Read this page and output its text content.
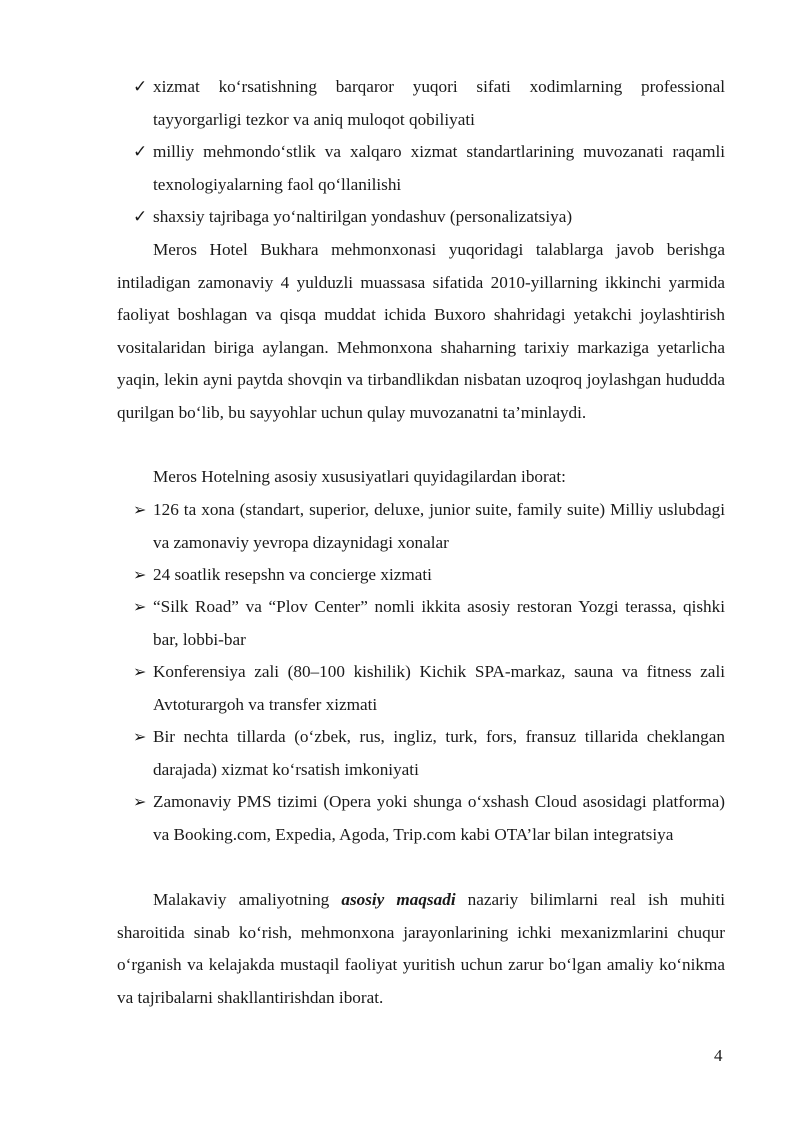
✓ xizmat ko‘rsatishning barqaror yuqori sifati xodimlarning professional tayyorgarligi tezkor va aniq muloqot qobiliyati
✓ milliy mehmondo‘stlik va xalqaro xizmat standartlarining muvozanati raqamli texnologiyalarning faol qo‘llanilishi
✓ shaxsiy tajribaga yo‘naltirilgan yondashuv (personalizatsiya)
Meros Hotel Bukhara mehmonxonasi yuqoridagi talablarga javob berishga intiladigan zamonaviy 4 yulduzli muassasa sifatida 2010-yillarning ikkinchi yarmida faoliyat boshlagan va qisqa muddat ichida Buxoro shahridagi yetakchi joylashtirish vositalaridan biriga aylangan. Mehmonxona shaharning tarixiy markaziga yetarlicha yaqin, lekin ayni paytda shovqin va tirbandlikdan nisbatan uzoqroq joylashgan hududda qurilgan bo‘lib, bu sayyohlar uchun qulay muvozanatni ta’minlaydi.
Meros Hotelning asosiy xususiyatlari quyidagilardan iborat:
➢ 126 ta xona (standart, superior, deluxe, junior suite, family suite) Milliy uslubdagi va zamonaviy yevropa dizaynidagi xonalar
➢ 24 soatlik resepshn va concierge xizmati
➢ “Silk Road” va “Plov Center” nomli ikkita asosiy restoran Yozgi terassa, qishki bar, lobbi-bar
➢ Konferensiya zali (80–100 kishilik) Kichik SPA-markaz, sauna va fitness zali Avtoturargoh va transfer xizmati
➢ Bir nechta tillarda (o‘zbek, rus, ingliz, turk, fors, fransuz tillarida cheklangan darajada) xizmat ko‘rsatish imkoniyati
➢ Zamonaviy PMS tizimi (Opera yoki shunga o‘xshash Cloud asosidagi platforma) va Booking.com, Expedia, Agoda, Trip.com kabi OTA’lar bilan integratsiya
Malakaviy amaliyotning asosiy maqsadi nazariy bilimlarni real ish muhiti sharoitida sinab ko‘rish, mehmonxona jarayonlarining ichki mexanizmlarini chuqur o‘rganish va kelajakda mustaqil faoliyat yuritish uchun zarur bo‘lgan amaliy ko‘nikma va tajribalarni shakllantirishdan iborat.
4
